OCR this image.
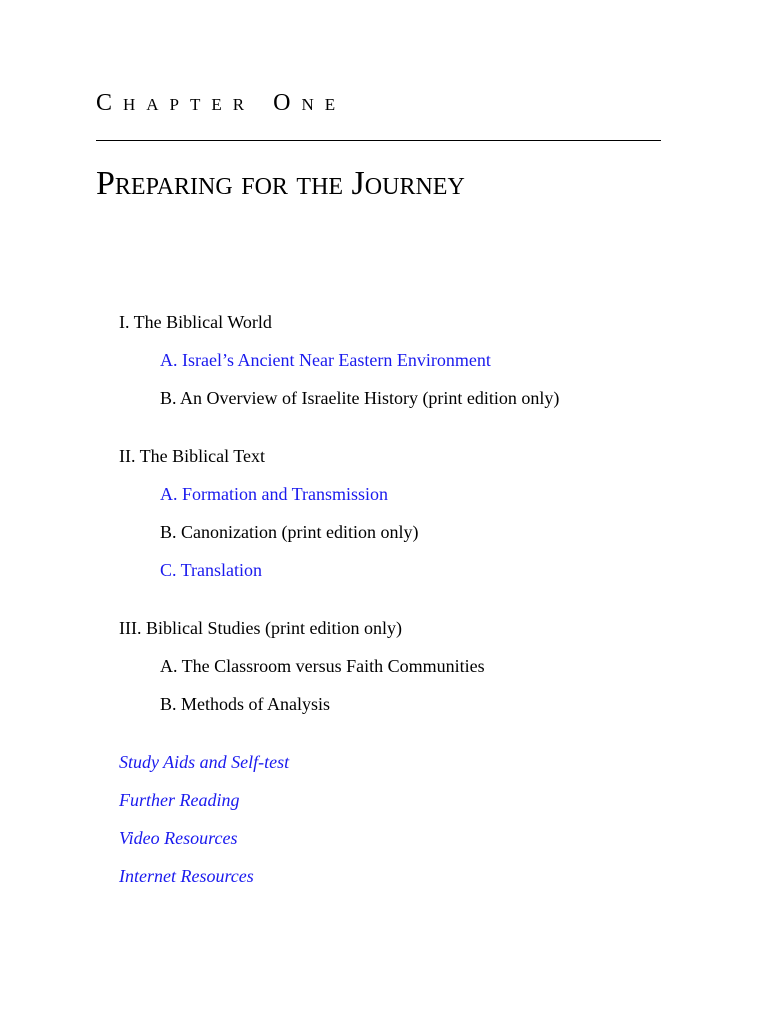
Chapter One
Preparing for the Journey
I. The Biblical World
A. Israel’s Ancient Near Eastern Environment
B. An Overview of Israelite History (print edition only)
II. The Biblical Text
A. Formation and Transmission
B. Canonization (print edition only)
C. Translation
III. Biblical Studies (print edition only)
A. The Classroom versus Faith Communities
B. Methods of Analysis
Study Aids and Self-test
Further Reading
Video Resources
Internet Resources
